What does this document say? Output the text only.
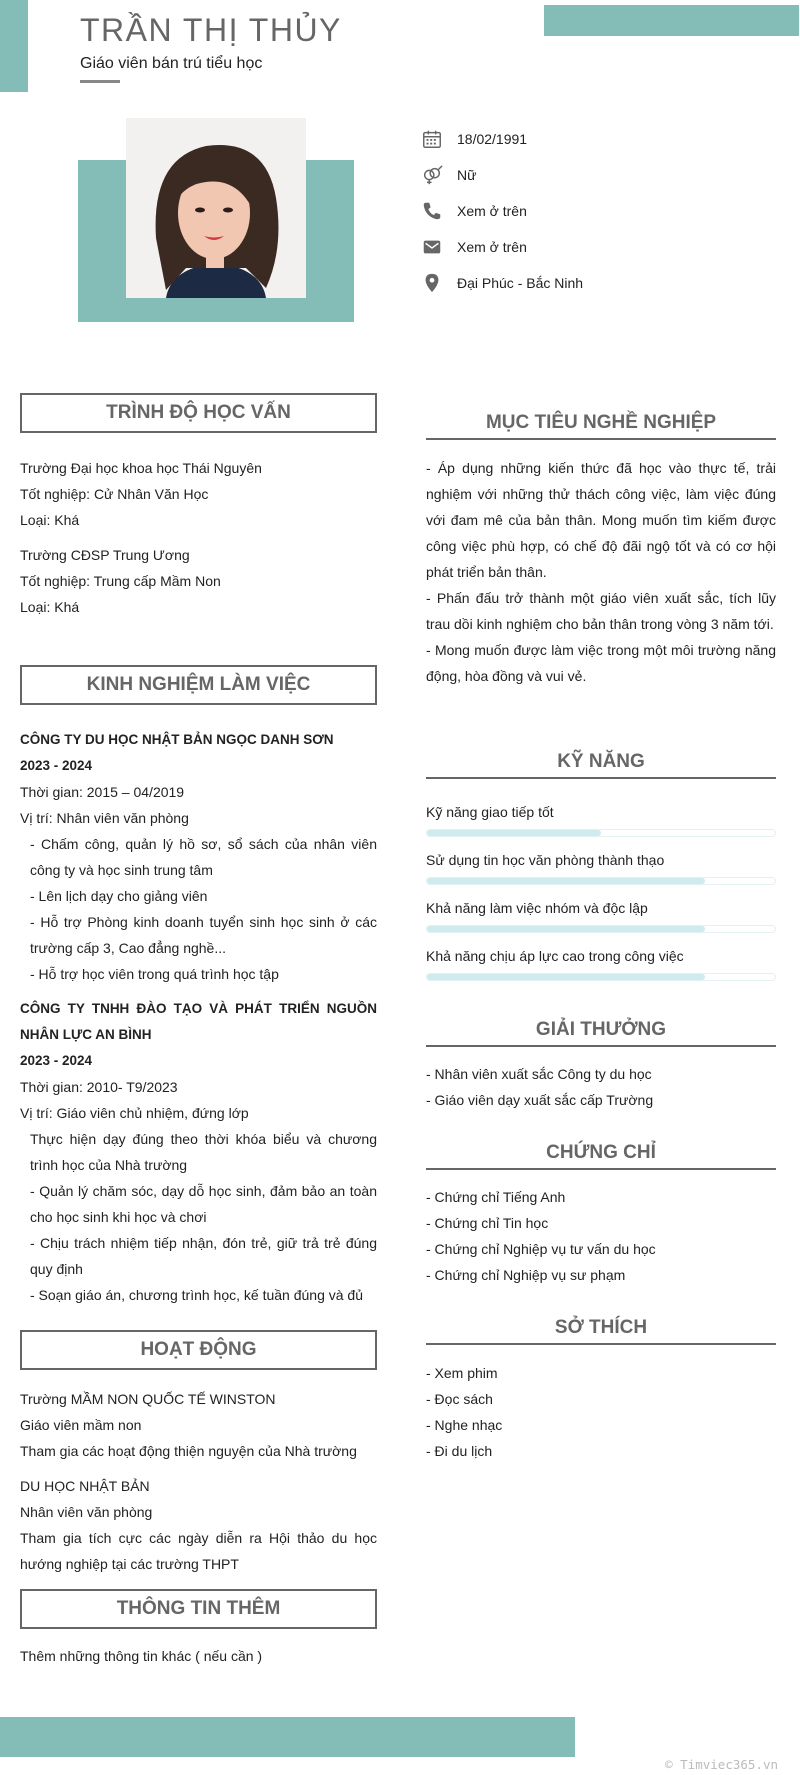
TRẦN THỊ THỦY
Giáo viên bán trú tiểu học
18/02/1991
Nữ
Xem ở trên
Xem ở trên
Đại Phúc - Bắc Ninh
TRÌNH ĐỘ HỌC VẤN

Trường Đại học khoa học Thái Nguyên

Tốt nghiệp: Cử Nhân Văn Học

Loại: Khá

Trường CĐSP Trung Ương

Tốt nghiệp: Trung cấp Mầm Non

Loại: Khá

KINH NGHIỆM LÀM VIỆC

CÔNG TY DU HỌC NHẬT BẢN NGỌC DANH SƠN

2023 - 2024

Thời gian: 2015 – 04/2019

Vị trí: Nhân viên văn phòng

- Chấm công, quản lý hồ sơ, sổ sách của nhân viên công ty và học sinh trung tâm

- Lên lịch dạy cho giảng viên

- Hỗ trợ Phòng kinh doanh tuyển sinh học sinh ở các trường cấp 3, Cao đẳng nghề...

- Hỗ trợ học viên trong quá trình học tập

CÔNG TY TNHH ĐÀO TẠO VÀ PHÁT TRIỂN NGUỒN NHÂN LỰC AN BÌNH

2023 - 2024

Thời gian: 2010- T9/2023

Vị trí: Giáo viên chủ nhiệm, đứng lớp

Thực hiện dạy đúng theo thời khóa biểu và chương trình học của Nhà trường

- Quản lý chăm sóc, dạy dỗ học sinh, đảm bảo an toàn cho học sinh khi học và chơi

- Chịu trách nhiệm tiếp nhận, đón trẻ, giữ trả trẻ đúng quy định

- Soạn giáo án, chương trình học, kế tuần đúng và đủ

HOẠT ĐỘNG

Trường MẦM NON QUỐC TẾ WINSTON

Giáo viên mầm non

Tham gia các hoạt động thiện nguyện của Nhà trường

DU HỌC NHẬT BẢN

Nhân viên văn phòng

Tham gia tích cực các ngày diễn ra Hội thảo du học hướng nghiệp tại các trường THPT

THÔNG TIN THÊM

Thêm những thông tin khác ( nếu cần )

MỤC TIÊU NGHỀ NGHIỆP

- Áp dụng những kiến thức đã học vào thực tế, trải nghiệm với những thử thách công việc, làm việc đúng với đam mê của bản thân. Mong muốn tìm kiếm được công việc phù hợp, có chế độ đãi ngộ tốt và có cơ hội phát triển bản thân.

- Phấn đấu trở thành một giáo viên xuất sắc, tích lũy trau dồi kinh nghiệm cho bản thân trong vòng 3 năm tới.

- Mong muốn được làm việc trong một môi trường năng động, hòa đồng và vui vẻ.

KỸ NĂNG
Kỹ năng giao tiếp tốt
Sử dụng tin học văn phòng thành thạo
Khả năng làm việc nhóm và độc lập
Khả năng chịu áp lực cao trong công việc
GIẢI THƯỞNG

- Nhân viên xuất sắc Công ty du học

- Giáo viên dạy xuất sắc cấp Trường

CHỨNG CHỈ

- Chứng chỉ Tiếng Anh

- Chứng chỉ Tin học

- Chứng chỉ Nghiệp vụ tư vấn du học

- Chứng chỉ Nghiệp vụ sư phạm

SỞ THÍCH

- Xem phim

- Đọc sách

- Nghe nhạc

- Đi du lịch

© Timviec365.vn
